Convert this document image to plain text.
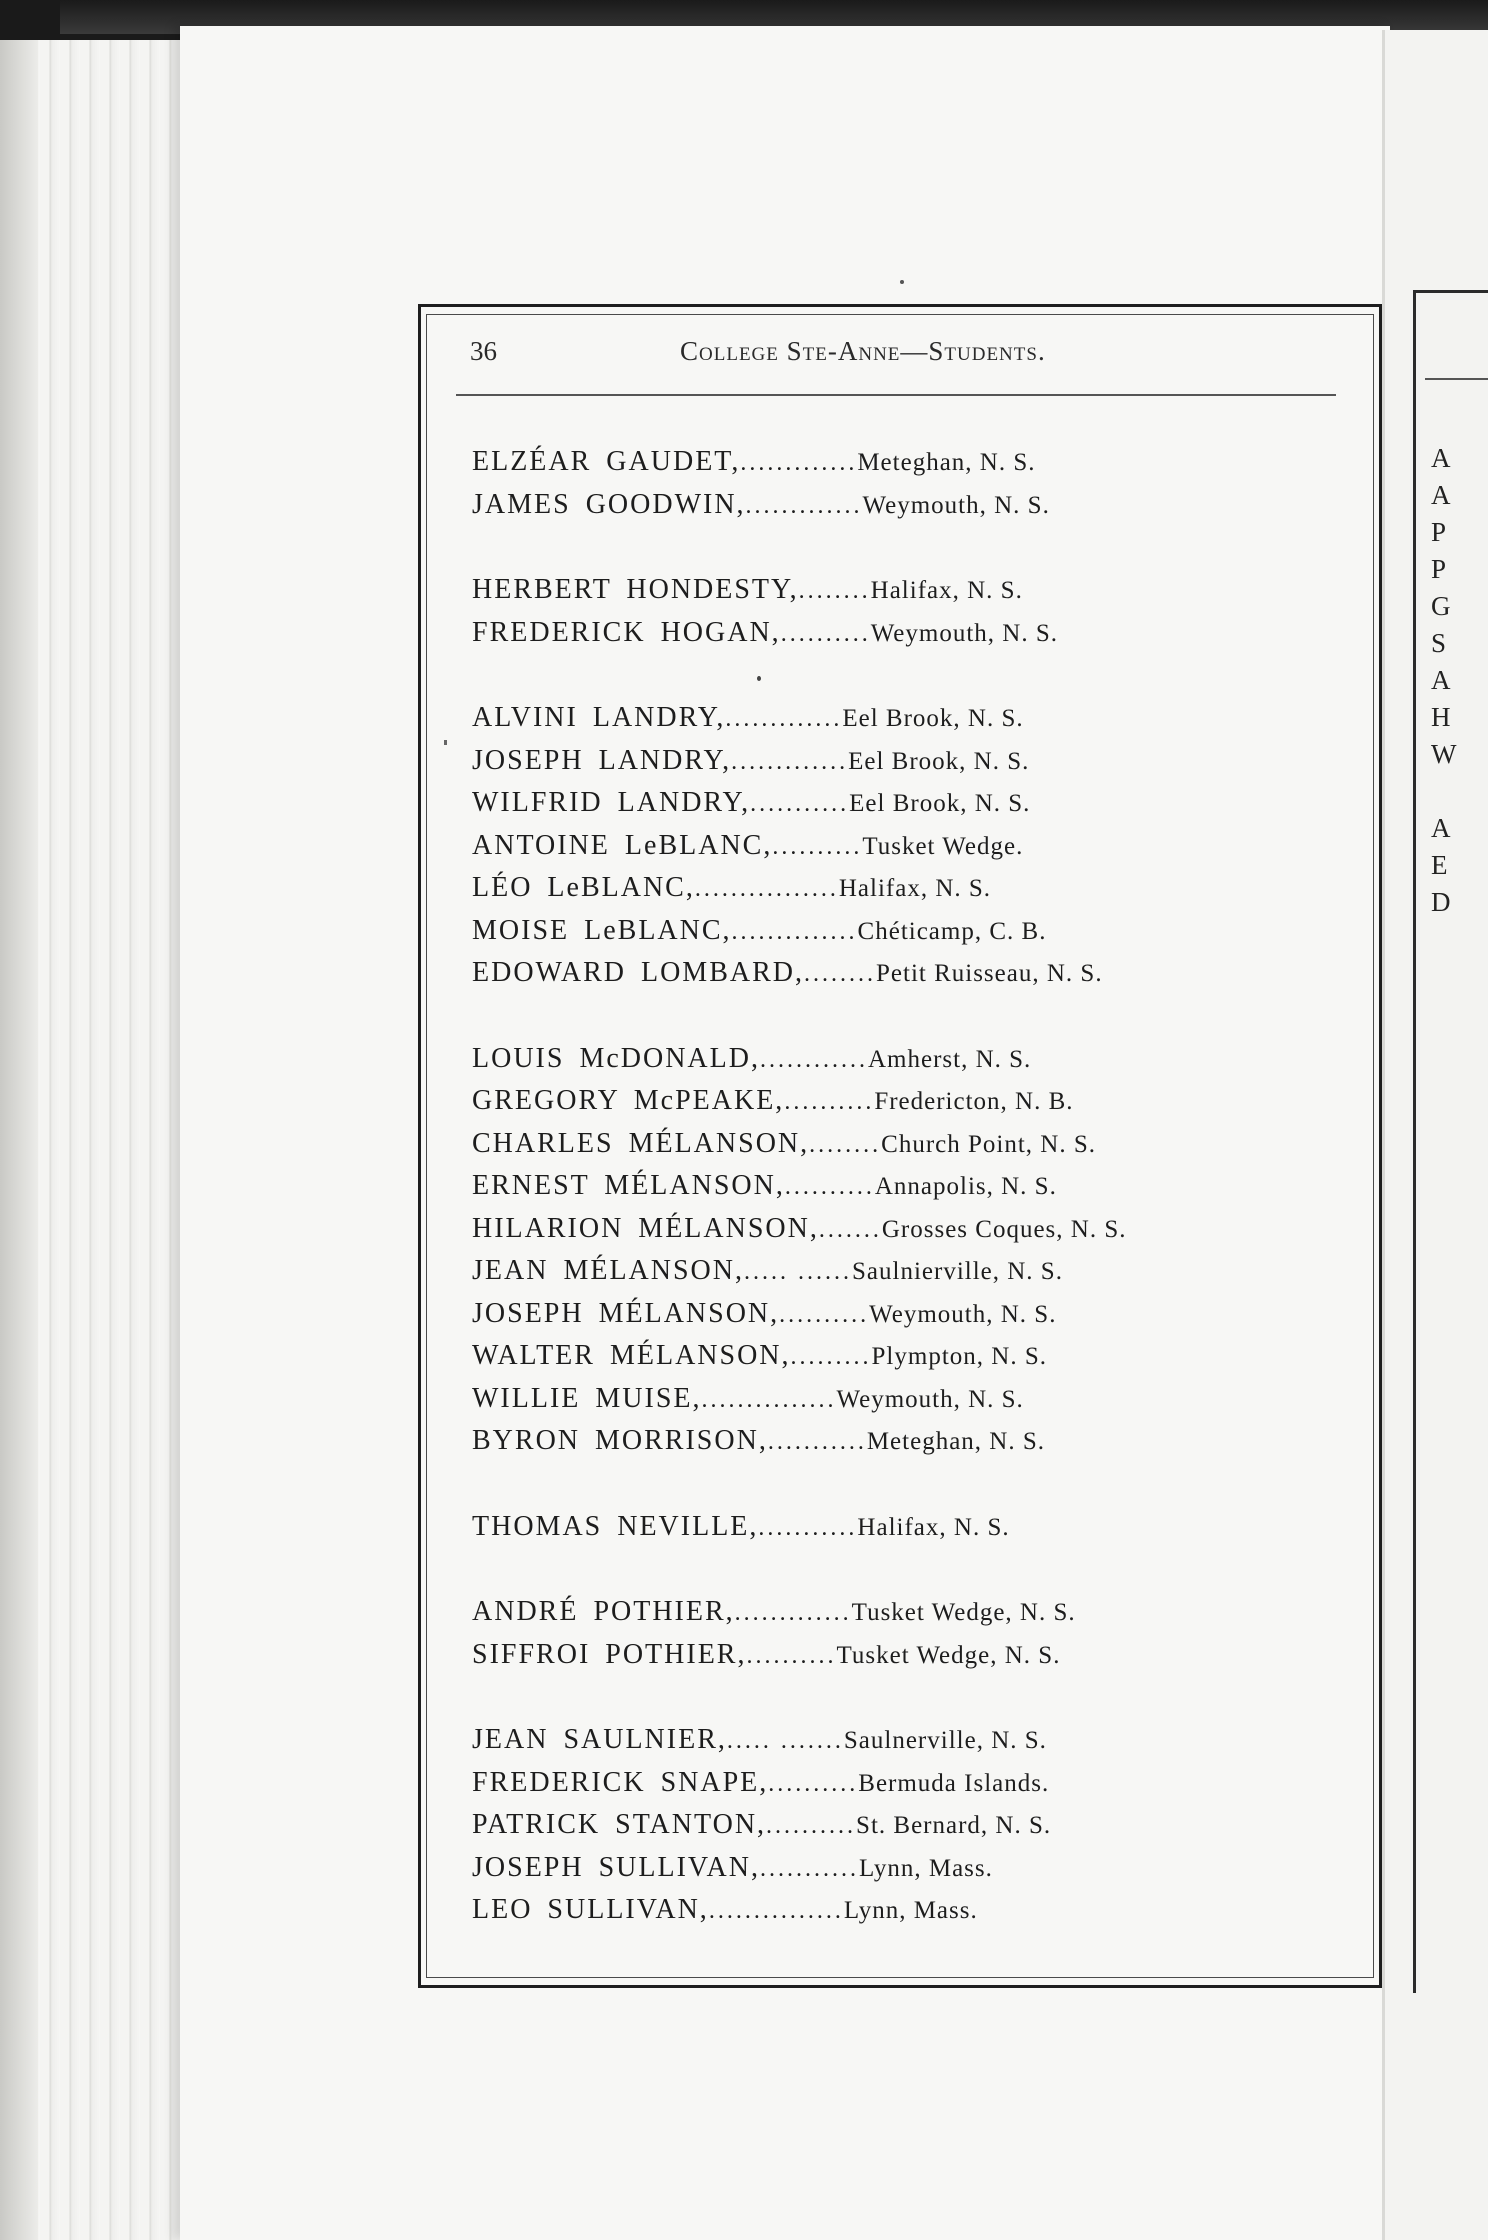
A
A
P
P
G
S
A
H
W
A
E
D
36	College Ste-Anne—Students.
ELZÉAR GAUDET, ............. Meteghan, N. S.
JAMES GOODWIN, ............. Weymouth, N. S.
HERBERT HONDESTY, ........ Halifax, N. S.
FREDERICK HOGAN, .......... Weymouth, N. S.
ALVINI LANDRY, ............. Eel Brook, N. S.
JOSEPH LANDRY, ............. Eel Brook, N. S.
WILFRID LANDRY, ........... Eel Brook, N. S.
ANTOINE LeBLANC, .......... Tusket Wedge.
LÉO LeBLANC, ................ Halifax, N. S.
MOISE LeBLANC, .............. Chéticamp, C. B.
EDOWARD LOMBARD, ........ Petit Ruisseau, N. S.
LOUIS McDONALD, ............ Amherst, N. S.
GREGORY McPEAKE, .......... Fredericton, N. B.
CHARLES MÉLANSON, ........ Church Point, N. S.
ERNEST MÉLANSON, .......... Annapolis, N. S.
HILARION MÉLANSON, ....... Grosses Coques, N. S.
JEAN MÉLANSON, ..... ...... Saulnierville, N. S.
JOSEPH MÉLANSON, .......... Weymouth, N. S.
WALTER MÉLANSON, ......... Plympton, N. S.
WILLIE MUISE, ............... Weymouth, N. S.
BYRON MORRISON, ........... Meteghan, N. S.
THOMAS NEVILLE, ........... Halifax, N. S.
ANDRÉ POTHIER, ............. Tusket Wedge, N. S.
SIFFROI POTHIER, .......... Tusket Wedge, N. S.
JEAN SAULNIER, ..... ....... Saulnerville, N. S.
FREDERICK SNAPE, .......... Bermuda Islands.
PATRICK STANTON, .......... St. Bernard, N. S.
JOSEPH SULLIVAN, ........... Lynn, Mass.
LEO SULLIVAN, ............... Lynn, Mass.
